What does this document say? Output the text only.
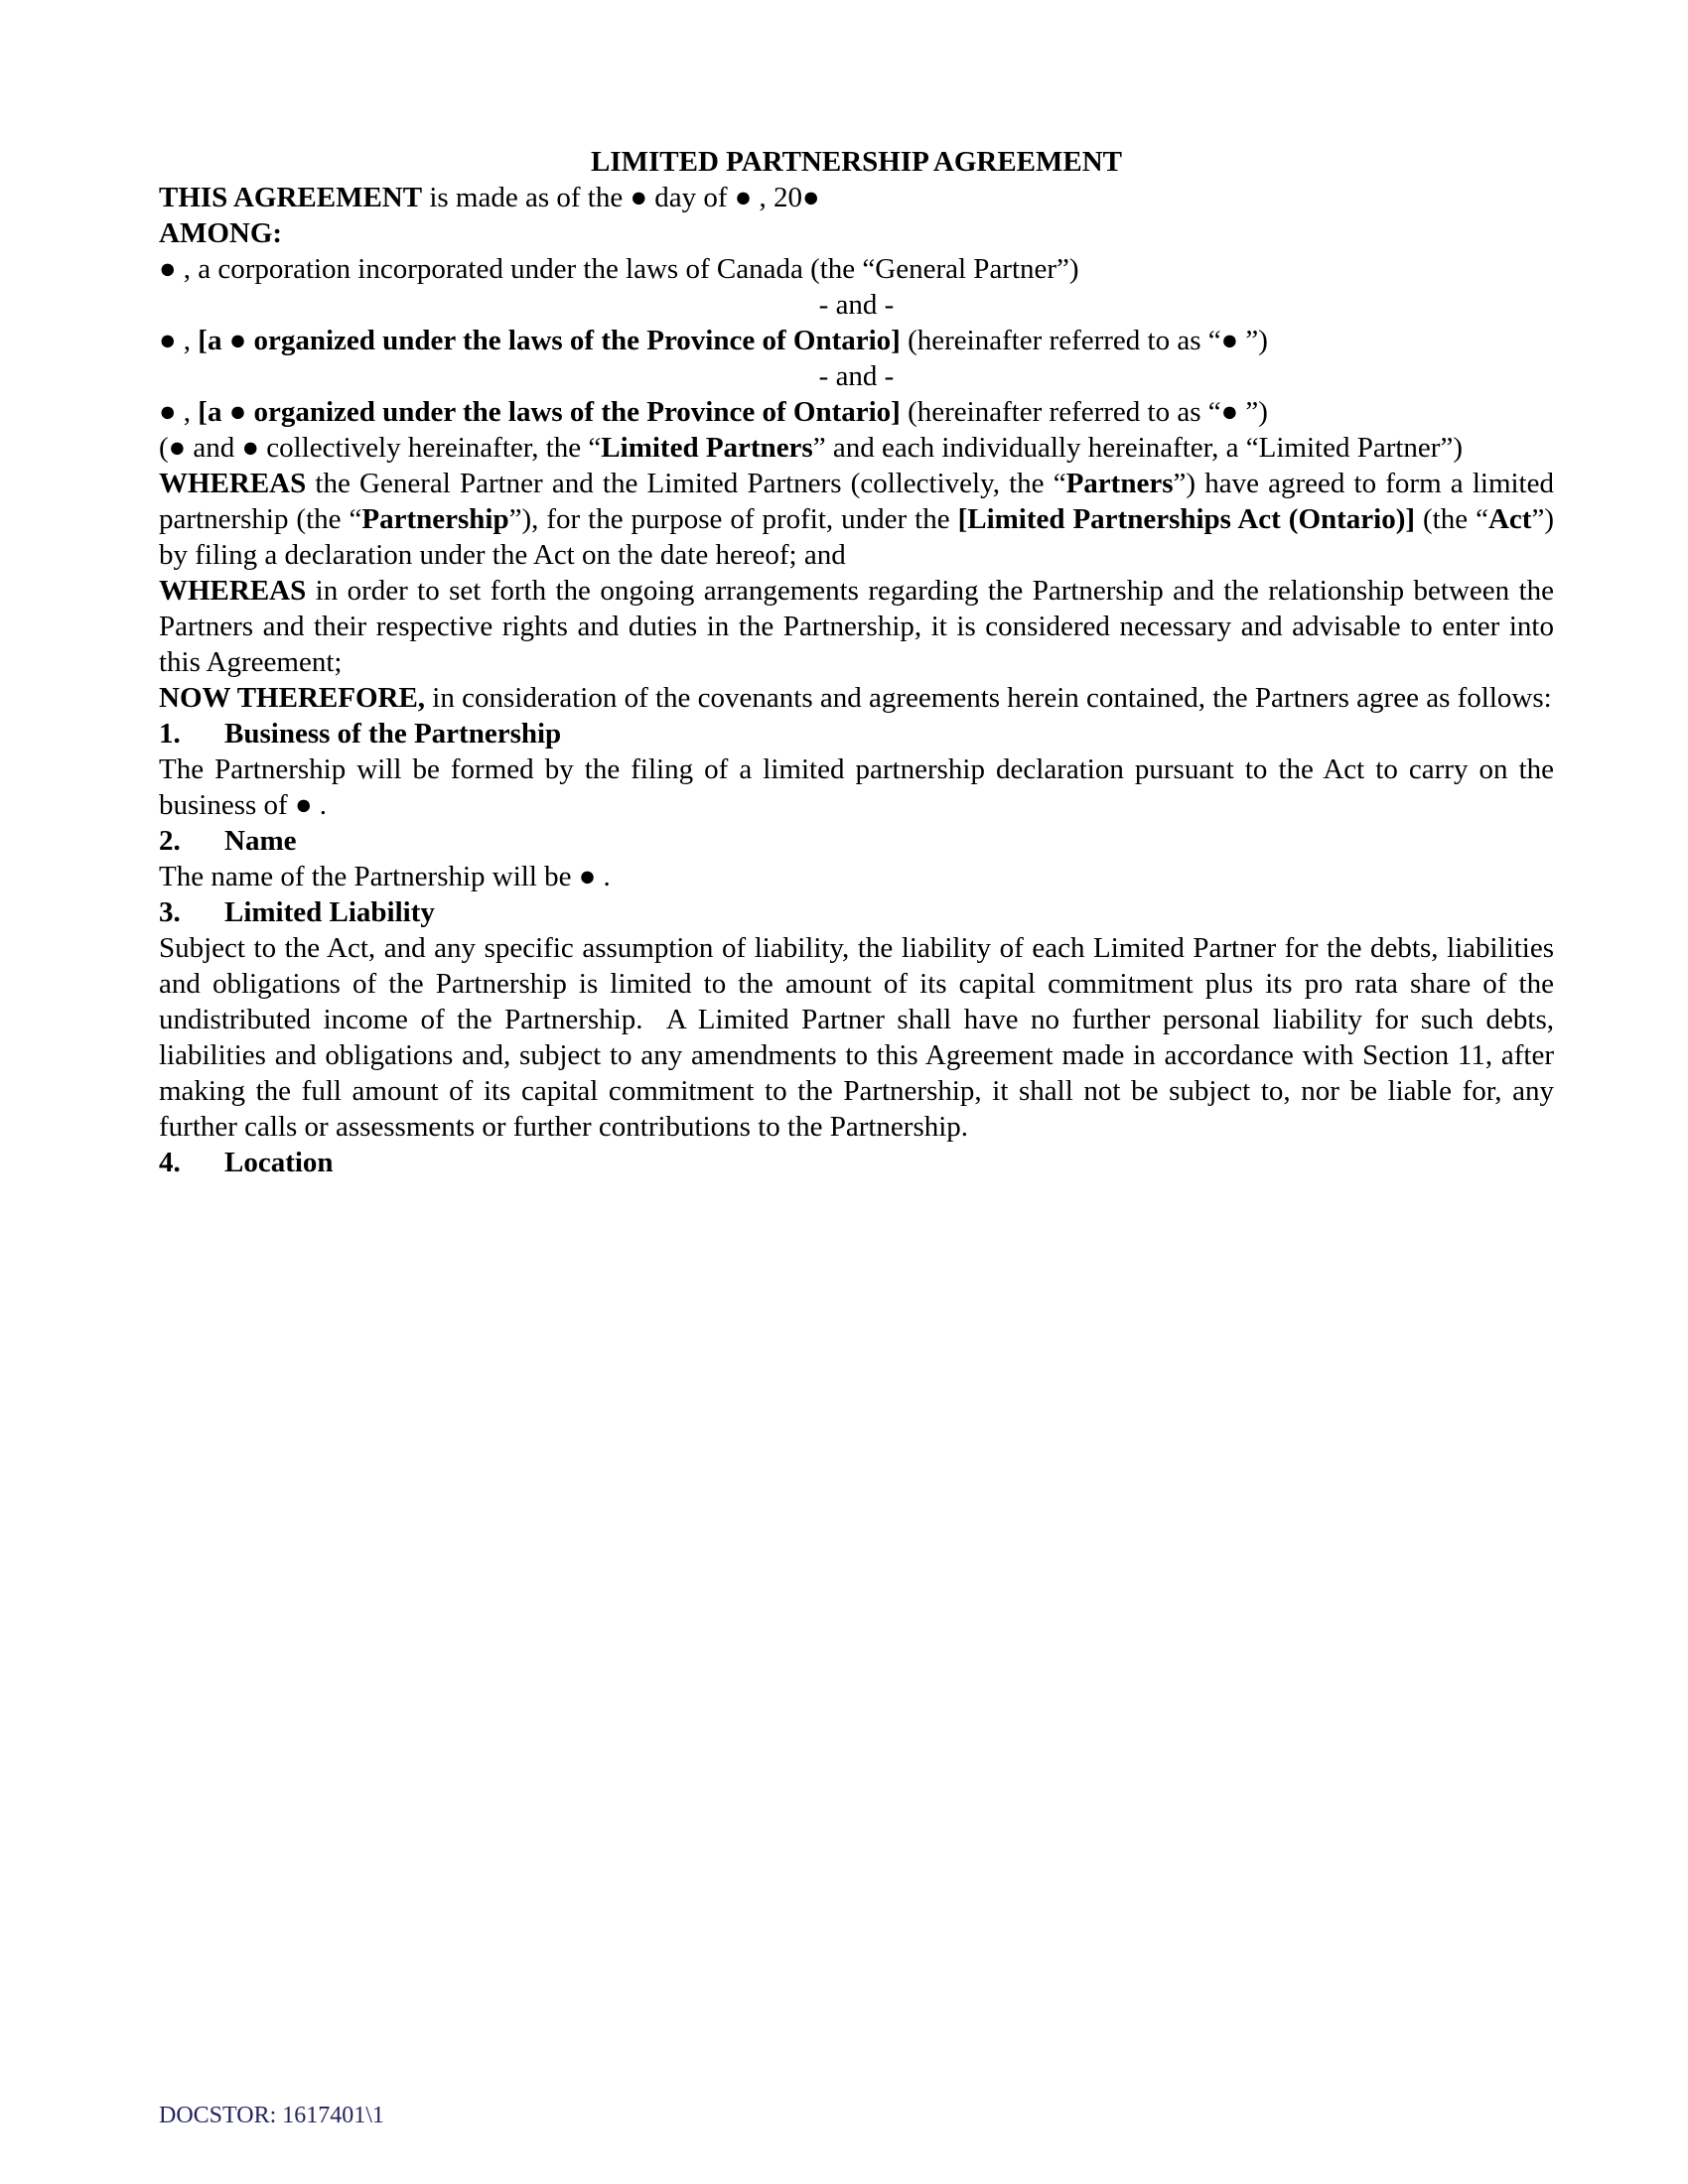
LIMITED PARTNERSHIP AGREEMENT

THIS AGREEMENT is made as of the ● day of ● , 20●

AMONG:

● , a corporation incorporated under the laws of Canada (the “General Partner”)
- and -
● , [a ● organized under the laws of the Province of Ontario] (hereinafter referred to as “● ”)
- and -
● , [a ● organized under the laws of the Province of Ontario] (hereinafter referred to as “● ”)
(● and ● collectively hereinafter, the “Limited Partners” and each individually hereinafter, a “Limited Partner”)

WHEREAS the General Partner and the Limited Partners (collectively, the “Partners”) have agreed to form a limited partnership (the “Partnership”), for the purpose of profit, under the [Limited Partnerships Act (Ontario)] (the “Act”) by filing a declaration under the Act on the date hereof; and

WHEREAS in order to set forth the ongoing arrangements regarding the Partnership and the relationship between the Partners and their respective rights and duties in the Partnership, it is considered necessary and advisable to enter into this Agreement;

NOW THEREFORE, in consideration of the covenants and agreements herein contained, the Partners agree as follows:

1. Business of the Partnership

The Partnership will be formed by the filing of a limited partnership declaration pursuant to the Act to carry on the business of ● .

2. Name

The name of the Partnership will be ● .

3. Limited Liability

Subject to the Act, and any specific assumption of liability, the liability of each Limited Partner for the debts, liabilities and obligations of the Partnership is limited to the amount of its capital commitment plus its pro rata share of the undistributed income of the Partnership.  A Limited Partner shall have no further personal liability for such debts, liabilities and obligations and, subject to any amendments to this Agreement made in accordance with Section 11, after making the full amount of its capital commitment to the Partnership, it shall not be subject to, nor be liable for, any further calls or assessments or further contributions to the Partnership.

4. Location
DOCSTOR: 1617401\1
